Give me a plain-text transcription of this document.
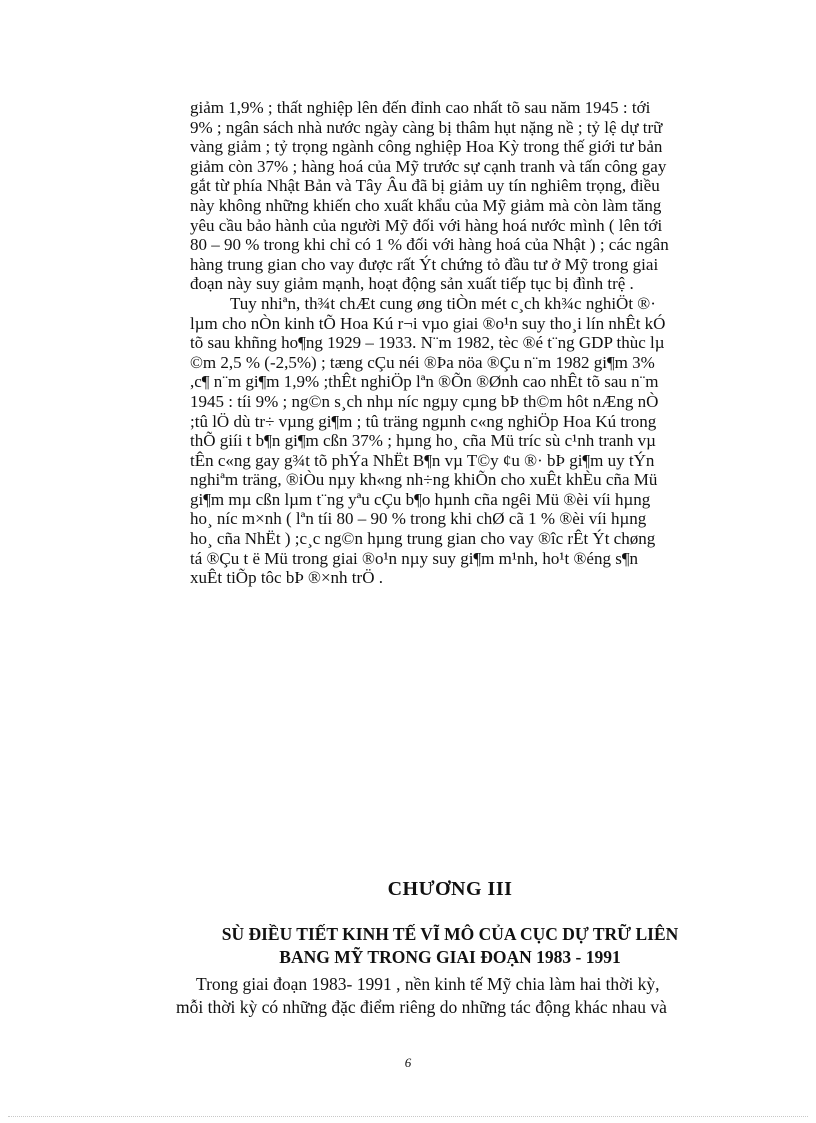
giảm 1,9% ; thất nghiệp lên đến đỉnh cao nhất tõ sau năm 1945 : tới
9% ; ngân sách nhà nước ngày càng bị thâm hụt nặng nề ; tỷ lệ dự trữ
vàng giảm ; tỷ trọng ngành công nghiệp Hoa Kỳ trong thế giới tư bản
giảm còn 37% ; hàng hoá của Mỹ trước sự cạnh tranh và tấn công gay
gắt từ phía Nhật Bản và Tây Âu đã bị giảm uy tín nghiêm trọng, điều
này không những khiến cho xuất khẩu của Mỹ giảm mà còn làm tăng
yêu cầu bảo hành của người Mỹ đối với hàng hoá nước mình ( lên tới
80 – 90 % trong khi chỉ có 1 % đối với hàng hoá của Nhật ) ; các ngân
hàng trung gian cho vay được rất Ýt chứng tỏ đầu tư ở Mỹ trong giai
đoạn này suy giảm mạnh, hoạt động sản xuất tiếp tục bị đình trệ .

Tuy nhiªn, th¾t chÆt cung øng tiÒn mét c¸ch kh¾c nghiÖt ®·
lµm cho nÒn kinh tÕ Hoa Kú r¬i vµo giai ®o¹n suy tho¸i lín nhÊt kÓ
tõ sau khñng ho¶ng 1929 – 1933. N¨m 1982, tèc ®é t¨ng GDP thùc lµ
©m 2,5 % (-2,5%) ; tæng cÇu néi ®Þa nöa ®Çu n¨m 1982 gi¶m 3%
,c¶ n¨m gi¶m 1,9% ;thÊt nghiÖp lªn ®Õn ®Ønh cao nhÊt tõ sau n¨m
1945 : tíi 9% ; ng©n s¸ch nhµ níc ngµy cµng bÞ th©m hôt nÆng nÒ
;tû lÖ dù tr÷ vµng gi¶m ; tû träng ngµnh c«ng nghiÖp Hoa Kú trong
thÕ giíi t b¶n gi¶m cßn 37% ; hµng ho¸ cña Mü tríc sù c¹nh tranh vµ
tÊn c«ng gay g¾t tõ phÝa NhËt B¶n vµ T©y ¢u ®· bÞ gi¶m uy tÝn
nghiªm träng, ®iÒu nµy kh«ng nh÷ng khiÕn cho xuÊt khÈu cña Mü
gi¶m mµ cßn lµm t¨ng yªu cÇu b¶o hµnh cña ngêi Mü ®èi víi hµng
ho¸ níc m×nh ( lªn tíi 80 – 90 % trong khi chØ cã 1 % ®èi víi hµng
ho¸ cña NhËt ) ;c¸c ng©n hµng trung gian cho vay ®îc rÊt Ýt chøng
tá ®Çu t ë Mü trong giai ®o¹n nµy suy gi¶m m¹nh, ho¹t ®éng s¶n
xuÊt tiÕp tôc bÞ ®×nh trÖ .

CHƯƠNG III
SÙ ĐIỀU TIẾT KINH TẾ VĨ MÔ CỦA CỤC DỰ TRỮ LIÊN
BANG MỸ TRONG GIAI ĐOẠN 1983 - 1991

Trong giai đoạn 1983- 1991 , nền kinh tế Mỹ chia làm hai thời kỳ,
mỗi thời kỳ có những đặc điểm riêng do những tác động khác nhau và

6
